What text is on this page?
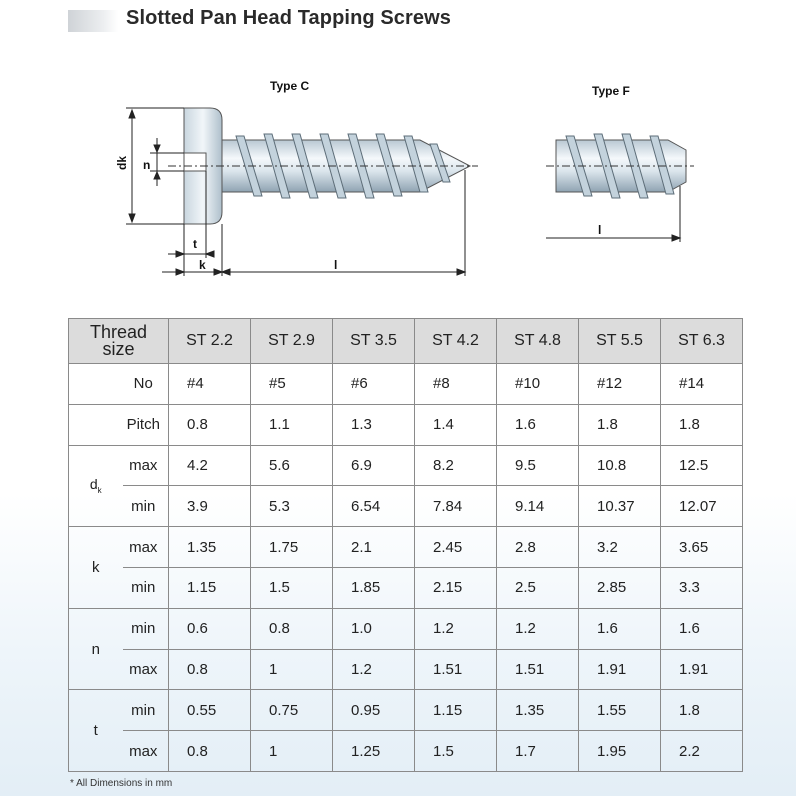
Slotted Pan Head Tapping Screws
dk n
t
k	l
l
Type C	Type F
Thread
size		ST 2.2	ST 2.9	ST 3.5	ST 4.2	ST 4.8	ST 5.5	ST 6.3
	No	#4	#5	#6	#8	#10	#12	#14
	Pitch	0.8	1.1	1.3	1.4	1.6	1.8	1.8
$d_k$	max	4.2	5.6	6.9	8.2	9.5	10.8	12.5
	min	3.9	5.3	6.54	7.84	9.14	10.37	12.07
k	max	1.35	1.75	2.1	2.45	2.8	3.2	3.65
	min	1.15	1.5	1.85	2.15	2.5	2.85	3.3
n	min	0.6	0.8	1.0	1.2	1.2	1.6	1.6
	max	0.8	1	1.2	1.51	1.51	1.91	1.91
t	min	0.55	0.75	0.95	1.15	1.35	1.55	1.8
	max	0.8	1	1.25	1.5	1.7	1.95	2.2
* All Dimensions in mm
